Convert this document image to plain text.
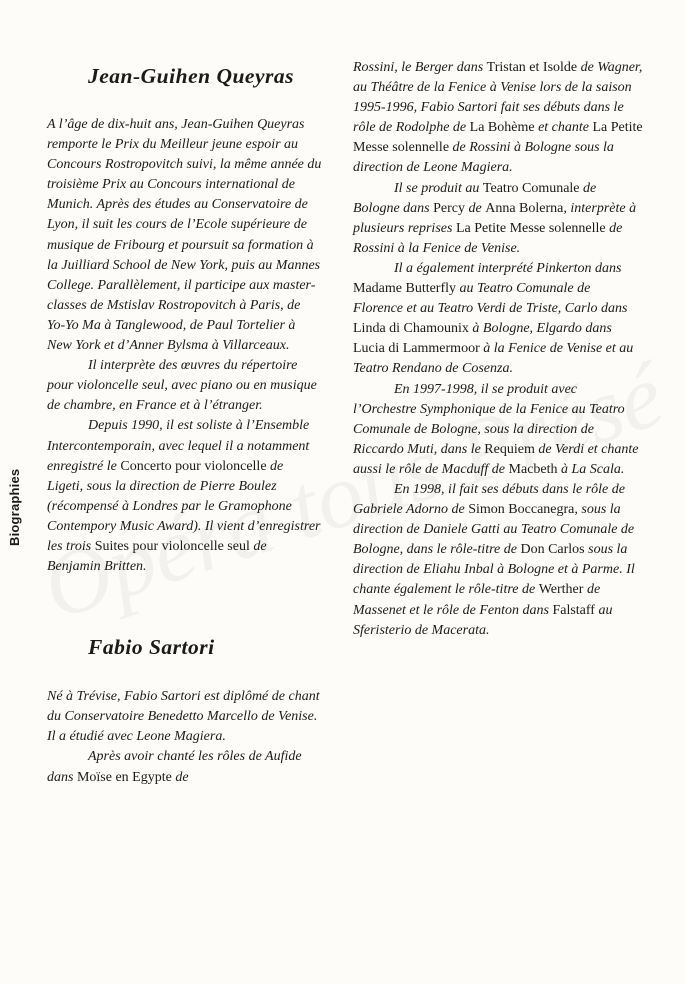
Biographies
Jean-Guihen Queyras

A l’âge de dix-huit ans, Jean-Guihen Queyras remporte le Prix du Meilleur jeune espoir au Concours Rostropovitch suivi, la même année du troisième Prix au Concours international de Munich. Après des études au Conservatoire de Lyon, il suit les cours de l’Ecole supérieure de musique de Fribourg et poursuit sa formation à la Juilliard School de New York, puis au Mannes College. Parallèlement, il participe aux master-classes de Mstislav Rostropovitch à Paris, de Yo-Yo Ma à Tanglewood, de Paul Tortelier à New York et d’Anner Bylsma à Villarceaux.

Il interprète des œuvres du répertoire pour violoncelle seul, avec piano ou en musique de chambre, en France et à l’étranger.

Depuis 1990, il est soliste à l’Ensemble Intercontemporain, avec lequel il a notamment enregistré le Concerto pour violoncelle de Ligeti, sous la direction de Pierre Boulez (récompensé à Londres par le Gramophone Contempory Music Award). Il vient d’enregistrer les trois Suites pour violoncelle seul de Benjamin Britten.

Fabio Sartori

Né à Trévise, Fabio Sartori est diplômé de chant du Conservatoire Benedetto Marcello de Venise. Il a étudié avec Leone Magiera.

Après avoir chanté les rôles de Aufide dans Moïse en Egypte de

Rossini, le Berger dans Tristan et Isolde de Wagner, au Théâtre de la Fenice à Venise lors de la saison 1995-1996, Fabio Sartori fait ses débuts dans le rôle de Rodolphe de La Bohème et chante La Petite Messe solennelle de Rossini à Bologne sous la direction de Leone Magiera.

Il se produit au Teatro Comunale de Bologne dans Percy de Anna Bolerna, interprète à plusieurs reprises La Petite Messe solennelle de Rossini à la Fenice de Venise.

Il a également interprété Pinkerton dans Madame Butterfly au Teatro Comunale de Florence et au Teatro Verdi de Triste, Carlo dans Linda di Chamounix à Bologne, Elgardo dans Lucia di Lammermoor à la Fenice de Venise et au Teatro Rendano de Cosenza.

En 1997-1998, il se produit avec l’Orchestre Symphonique de la Fenice au Teatro Comunale de Bologne, sous la direction de Riccardo Muti, dans le Requiem de Verdi et chante aussi le rôle de Macduff de Macbeth à La Scala.

En 1998, il fait ses débuts dans le rôle de Gabriele Adorno de Simon Boccanegra, sous la direction de Daniele Gatti au Teatro Comunale de Bologne, dans le rôle-titre de Don Carlos sous la direction de Eliahu Inbal à Bologne et à Parme. Il chante également le rôle-titre de Werther de Massenet et le rôle de Fenton dans Falstaff au Sferisterio de Macerata.
